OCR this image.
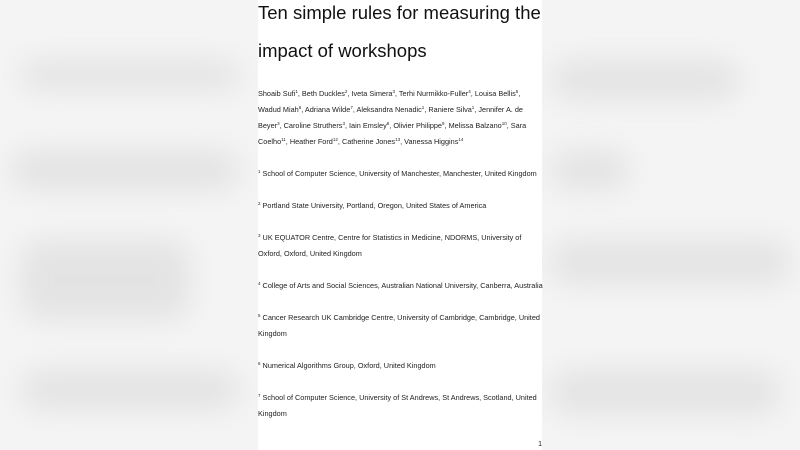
Ten simple rules for measuring the
impact of workshops
Shoaib Sufi$^1$, Beth Duckles$^2$, Iveta Simera$^3$, Terhi Nurmikko-Fuller$^4$, Louisa Bellis$^5$, Wadud Miah$^6$, Adriana Wilde$^7$, Aleksandra Nenadic$^1$, Raniere Silva$^1$, Jennifer A. de Beyer$^3$, Caroline Struthers$^3$, Iain Emsley$^8$, Olivier Philippe$^9$, Melissa Balzano$^{10}$, Sara Coelho$^{11}$, Heather Ford$^{12}$, Catherine Jones$^{13}$, Vanessa Higgins$^{14}$
$^1$ School of Computer Science, University of Manchester, Manchester, United Kingdom
$^2$ Portland State University, Portland, Oregon, United States of America
$^3$ UK EQUATOR Centre, Centre for Statistics in Medicine, NDORMS, University of Oxford, Oxford, United Kingdom
$^4$ College of Arts and Social Sciences, Australian National University, Canberra, Australia
$^5$ Cancer Research UK Cambridge Centre, University of Cambridge, Cambridge, United Kingdom
$^6$ Numerical Algorithms Group, Oxford, United Kingdom
$^7$ School of Computer Science, University of St Andrews, St Andrews, Scotland, United Kingdom
1
